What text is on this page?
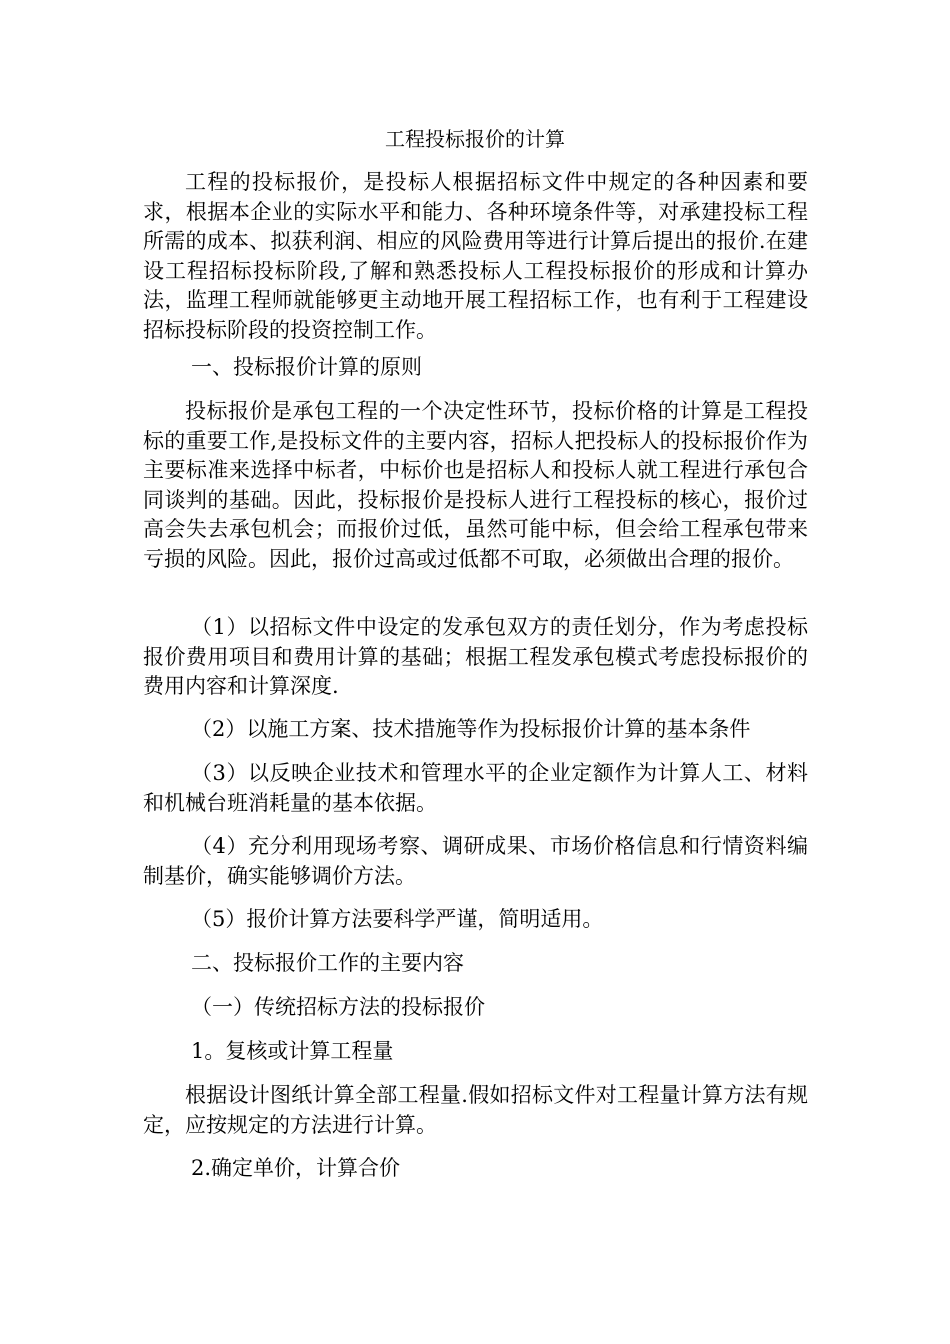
工程投标报价的计算

工程的投标报价，是投标人根据招标文件中规定的各种因素和要求，根据本企业的实际水平和能力、各种环境条件等，对承建投标工程所需的成本、拟获利润、相应的风险费用等进行计算后提出的报价.在建设工程招标投标阶段,了解和熟悉投标人工程投标报价的形成和计算办法，监理工程师就能够更主动地开展工程招标工作，也有利于工程建设招标投标阶段的投资控制工作。

一、投标报价计算的原则

投标报价是承包工程的一个决定性环节，投标价格的计算是工程投标的重要工作,是投标文件的主要内容，招标人把投标人的投标报价作为主要标准来选择中标者，中标价也是招标人和投标人就工程进行承包合同谈判的基础。因此，投标报价是投标人进行工程投标的核心，报价过高会失去承包机会；而报价过低，虽然可能中标，但会给工程承包带来亏损的风险。因此，报价过高或过低都不可取，必须做出合理的报价。

（1）以招标文件中设定的发承包双方的责任划分，作为考虑投标报价费用项目和费用计算的基础；根据工程发承包模式考虑投标报价的费用内容和计算深度.

（2）以施工方案、技术措施等作为投标报价计算的基本条件

（3）以反映企业技术和管理水平的企业定额作为计算人工、材料和机械台班消耗量的基本依据。

（4）充分利用现场考察、调研成果、市场价格信息和行情资料编制基价，确实能够调价方法。

（5）报价计算方法要科学严谨，简明适用。

二、投标报价工作的主要内容

（一）传统招标方法的投标报价

1。复核或计算工程量

根据设计图纸计算全部工程量.假如招标文件对工程量计算方法有规定，应按规定的方法进行计算。

2.确定单价，计算合价
